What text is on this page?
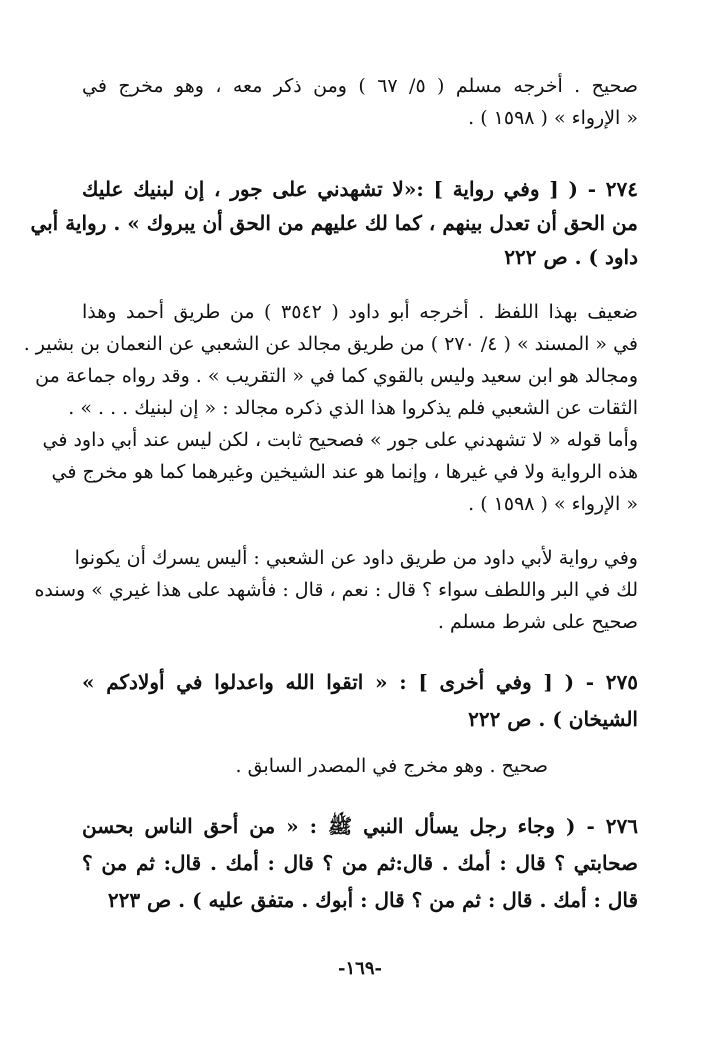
صحيح . أخرجه مسلم ( ٥/ ٦٧ ) ومن ذكر معه ، وهو مخرج في
« الإرواء » ( ١٥٩٨ ) .
٢٧٤ - ( [ وفي رواية ] :«لا تشهدني على جور ، إن لبنيك عليك
من الحق أن تعدل بينهم ، كما لك عليهم من الحق أن يبروك » . رواية أبي
داود ) . ص ٢٢٢
ضعيف بهذا اللفظ . أخرجه أبو داود ( ٣٥٤٢ ) من طريق أحمد وهذا
في « المسند » ( ٤/ ٢٧٠ ) من طريق مجالد عن الشعبي عن النعمان بن بشير .
ومجالد هو ابن سعيد وليس بالقوي كما في « التقريب » . وقد رواه جماعة من
الثقات عن الشعبي فلم يذكروا هذا الذي ذكره مجالد : « إن لبنيك . . . » .
وأما قوله « لا تشهدني على جور » فصحيح ثابت ، لكن ليس عند أبي داود في
هذه الرواية ولا في غيرها ، وإنما هو عند الشيخين وغيرهما كما هو مخرج في
« الإرواء » ( ١٥٩٨ ) .
وفي رواية لأبي داود من طريق داود عن الشعبي : أليس يسرك أن يكونوا
لك في البر واللطف سواء ؟ قال : نعم ، قال : فأشهد على هذا غيري » وسنده
صحيح على شرط مسلم .
٢٧٥ - ( [ وفي أخرى ] : « اتقوا الله واعدلوا في أولادكم »
الشيخان ) . ص ٢٢٢
صحيح . وهو مخرج في المصدر السابق .
٢٧٦ - ( وجاء رجل يسأل النبي ﷺ : « من أحق الناس بحسن
صحابتي ؟ قال : أمك . قال:ثم من ؟ قال : أمك . قال: ثم من ؟
قال : أمك . قال : ثم من ؟ قال : أبوك . متفق عليه ) . ص ٢٢٣
-١٦٩-
